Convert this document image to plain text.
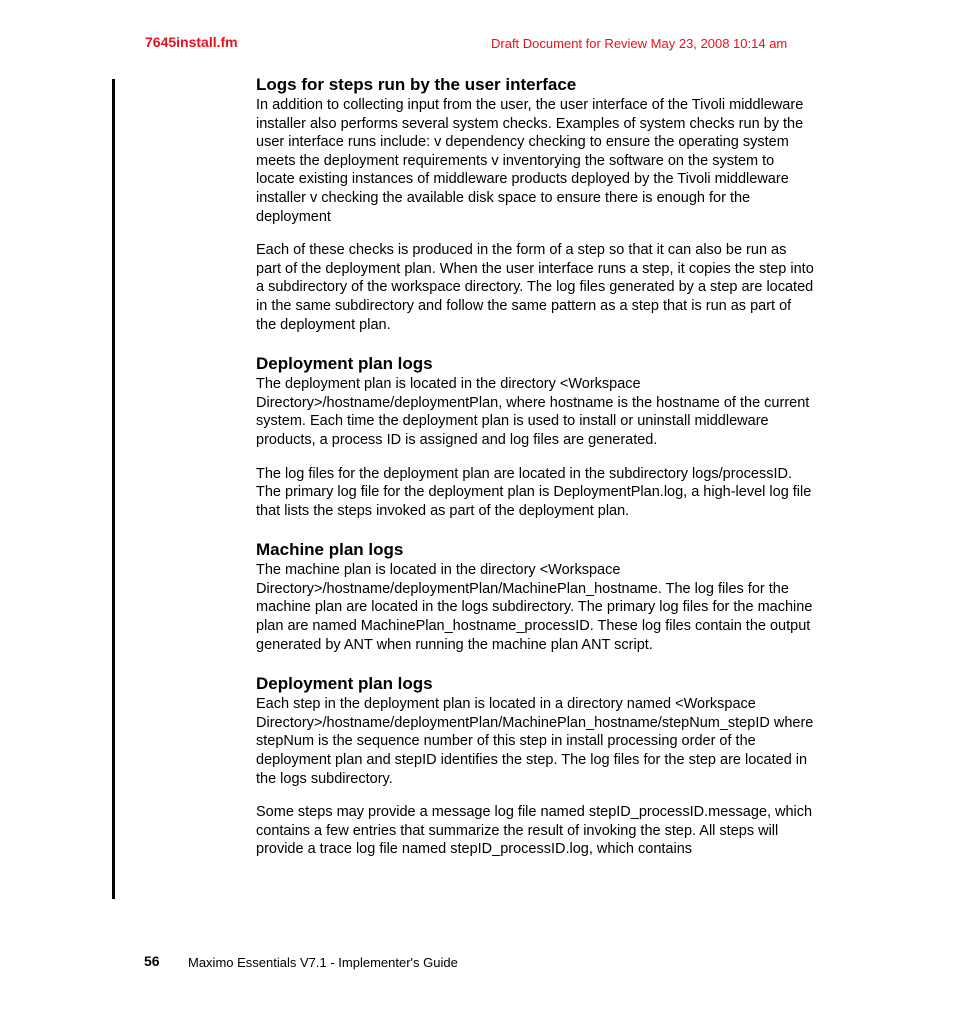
7645install.fm	Draft Document for Review May 23, 2008 10:14 am
Logs for steps run by the user interface

In addition to collecting input from the user, the user interface of the Tivoli middleware installer also performs several system checks. Examples of system checks run by the user interface runs include: v dependency checking to ensure the operating system meets the deployment requirements v inventorying the software on the system to locate existing instances of middleware products deployed by the Tivoli middleware installer v checking the available disk space to ensure there is enough for the deployment

Each of these checks is produced in the form of a step so that it can also be run as part of the deployment plan. When the user interface runs a step, it copies the step into a subdirectory of the workspace directory. The log files generated by a step are located in the same subdirectory and follow the same pattern as a step that is run as part of the deployment plan.

Deployment plan logs

The deployment plan is located in the directory <Workspace Directory>/hostname/deploymentPlan, where hostname is the hostname of the current system. Each time the deployment plan is used to install or uninstall middleware products, a process ID is assigned and log files are generated.

The log files for the deployment plan are located in the subdirectory logs/processID. The primary log file for the deployment plan is DeploymentPlan.log, a high-level log file that lists the steps invoked as part of the deployment plan.

Machine plan logs

The machine plan is located in the directory <Workspace Directory>/hostname/deploymentPlan/MachinePlan_hostname. The log files for the machine plan are located in the logs subdirectory. The primary log files for the machine plan are named MachinePlan_hostname_processID. These log files contain the output generated by ANT when running the machine plan ANT script.

Deployment plan logs

Each step in the deployment plan is located in a directory named <Workspace Directory>/hostname/deploymentPlan/MachinePlan_hostname/stepNum_stepID where stepNum is the sequence number of this step in install processing order of the deployment plan and stepID identifies the step. The log files for the step are located in the logs subdirectory.

Some steps may provide a message log file named stepID_processID.message, which contains a few entries that summarize the result of invoking the step. All steps will provide a trace log file named stepID_processID.log, which contains

56 Maximo Essentials V7.1 - Implementer's Guide
